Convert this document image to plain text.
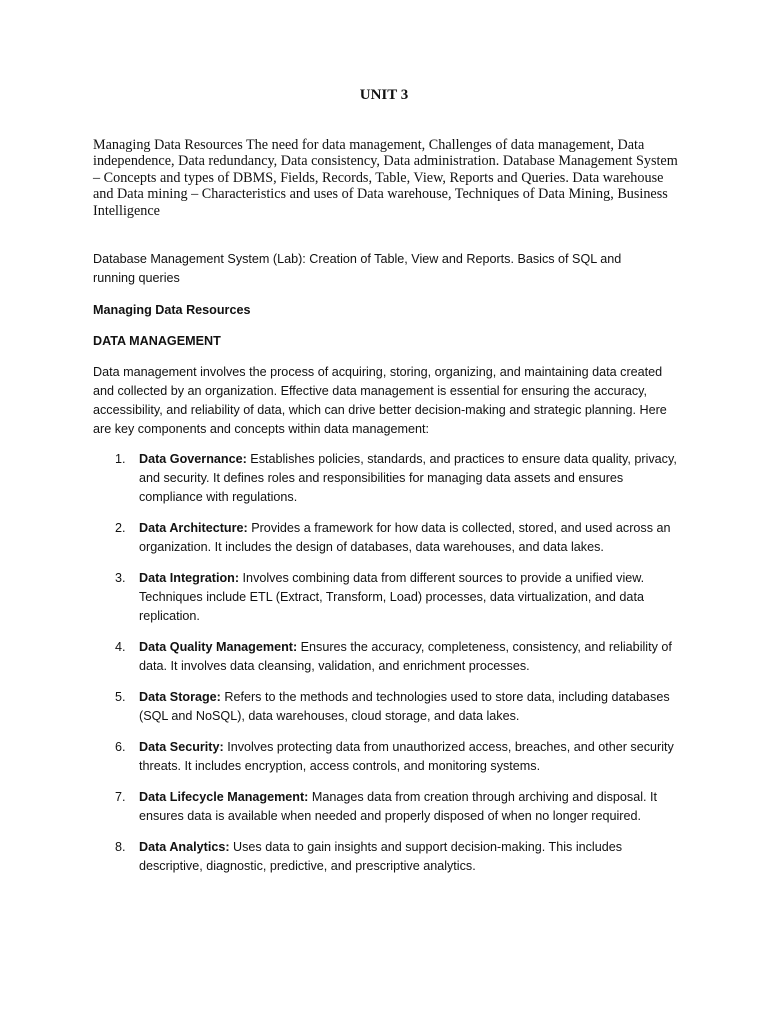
UNIT 3

Managing Data Resources The need for data management, Challenges of data management, Data independence, Data redundancy, Data consistency, Data administration. Database Management System – Concepts and types of DBMS, Fields, Records, Table, View, Reports and Queries. Data warehouse and Data mining – Characteristics and uses of Data warehouse, Techniques of Data Mining, Business Intelligence

Database Management System (Lab): Creation of Table, View and Reports. Basics of SQL and running queries

Managing Data Resources

DATA MANAGEMENT

Data management involves the process of acquiring, storing, organizing, and maintaining data created and collected by an organization. Effective data management is essential for ensuring the accuracy, accessibility, and reliability of data, which can drive better decision-making and strategic planning. Here are key components and concepts within data management:

1. Data Governance: Establishes policies, standards, and practices to ensure data quality, privacy, and security. It defines roles and responsibilities for managing data assets and ensures compliance with regulations.
2. Data Architecture: Provides a framework for how data is collected, stored, and used across an organization. It includes the design of databases, data warehouses, and data lakes.
3. Data Integration: Involves combining data from different sources to provide a unified view. Techniques include ETL (Extract, Transform, Load) processes, data virtualization, and data replication.
4. Data Quality Management: Ensures the accuracy, completeness, consistency, and reliability of data. It involves data cleansing, validation, and enrichment processes.
5. Data Storage: Refers to the methods and technologies used to store data, including databases (SQL and NoSQL), data warehouses, cloud storage, and data lakes.
6. Data Security: Involves protecting data from unauthorized access, breaches, and other security threats. It includes encryption, access controls, and monitoring systems.
7. Data Lifecycle Management: Manages data from creation through archiving and disposal. It ensures data is available when needed and properly disposed of when no longer required.
8. Data Analytics: Uses data to gain insights and support decision-making. This includes descriptive, diagnostic, predictive, and prescriptive analytics.
